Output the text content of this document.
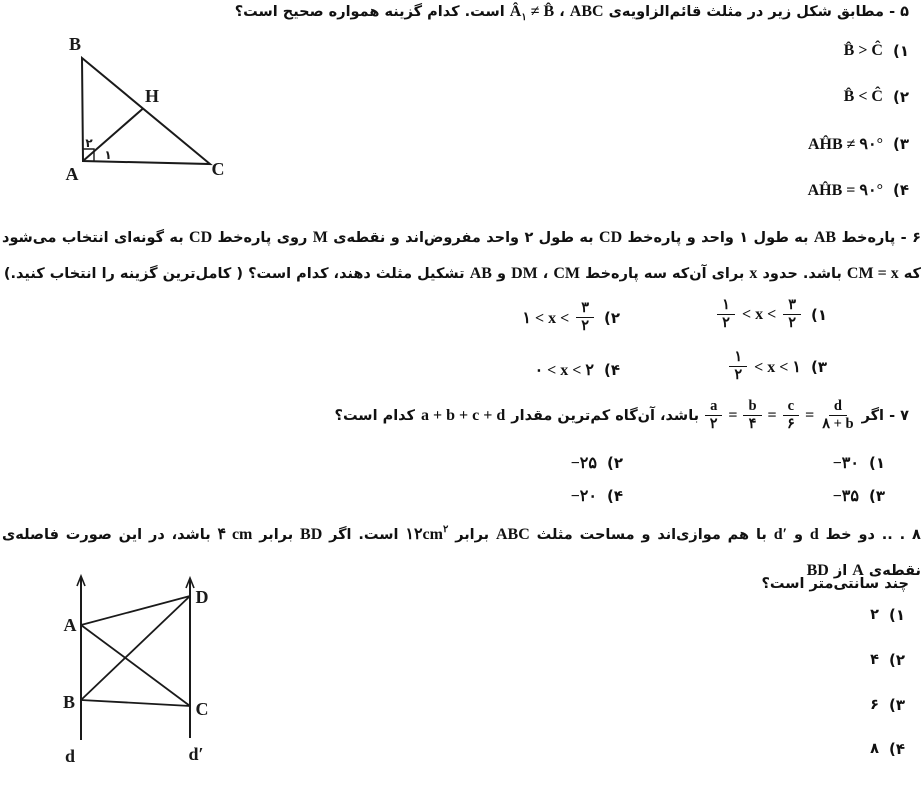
۵ - مطابق شکل زیر در مثلث قائم‌الزاویه‌ی ABC ، $Â_۱$ ≠ B̂ است. کدام گزینه همواره صحیح است؟

B̂ > Ĉ (۱
B̂ < Ĉ (۲
AĤB ≠ ۹۰° (۳
AĤB = ۹۰° (۴
B
H
A	C
۲
۱

۶ - پاره‌خط AB به طول ۱ واحد و پاره‌خط CD به طول ۲ واحد مفروض‌اند و نقطه‌ی M روی پاره‌خط CD به گونه‌ای انتخاب می‌شود که CM = x باشد. حدود x برای آن‌که سه پاره‌خط CM ، DM و AB تشکیل مثلث دهند، کدام است؟ ( کامل‌ترین گزینه را انتخاب کنید.)

$\frac{۱}{۲} < x < \frac{۳}{۲}$ (۱
۱ < $x < \frac{۳}{۲}$ (۲
$\frac{۱}{۲} < x$ < ۱ (۳
۰ < x < ۲ (۴
۷ - اگر
$\frac{a}{۲} = \frac{b}{۴} = \frac{c}{۶} = \frac{d}{۸ + b}$
باشد، آن‌گاه کم‌ترین مقدار
a + b + c + d
کدام است؟
−۳۰ (۱
−۲۵ (۲
−۳۵ (۳
−۲۰ (۴

۸ . .. دو خط d و d′ با هم موازی‌اند و مساحت مثلث ABC برابر $۱۲cm^۲$ است. اگر BD برابر ۴ cm باشد، در این صورت فاصله‌ی نقطه‌ی A از BD

چند سانتی‌متر است؟

۲ (۱
۴ (۲
۶ (۳
۸ (۴
A
B
D
C
d	d′
